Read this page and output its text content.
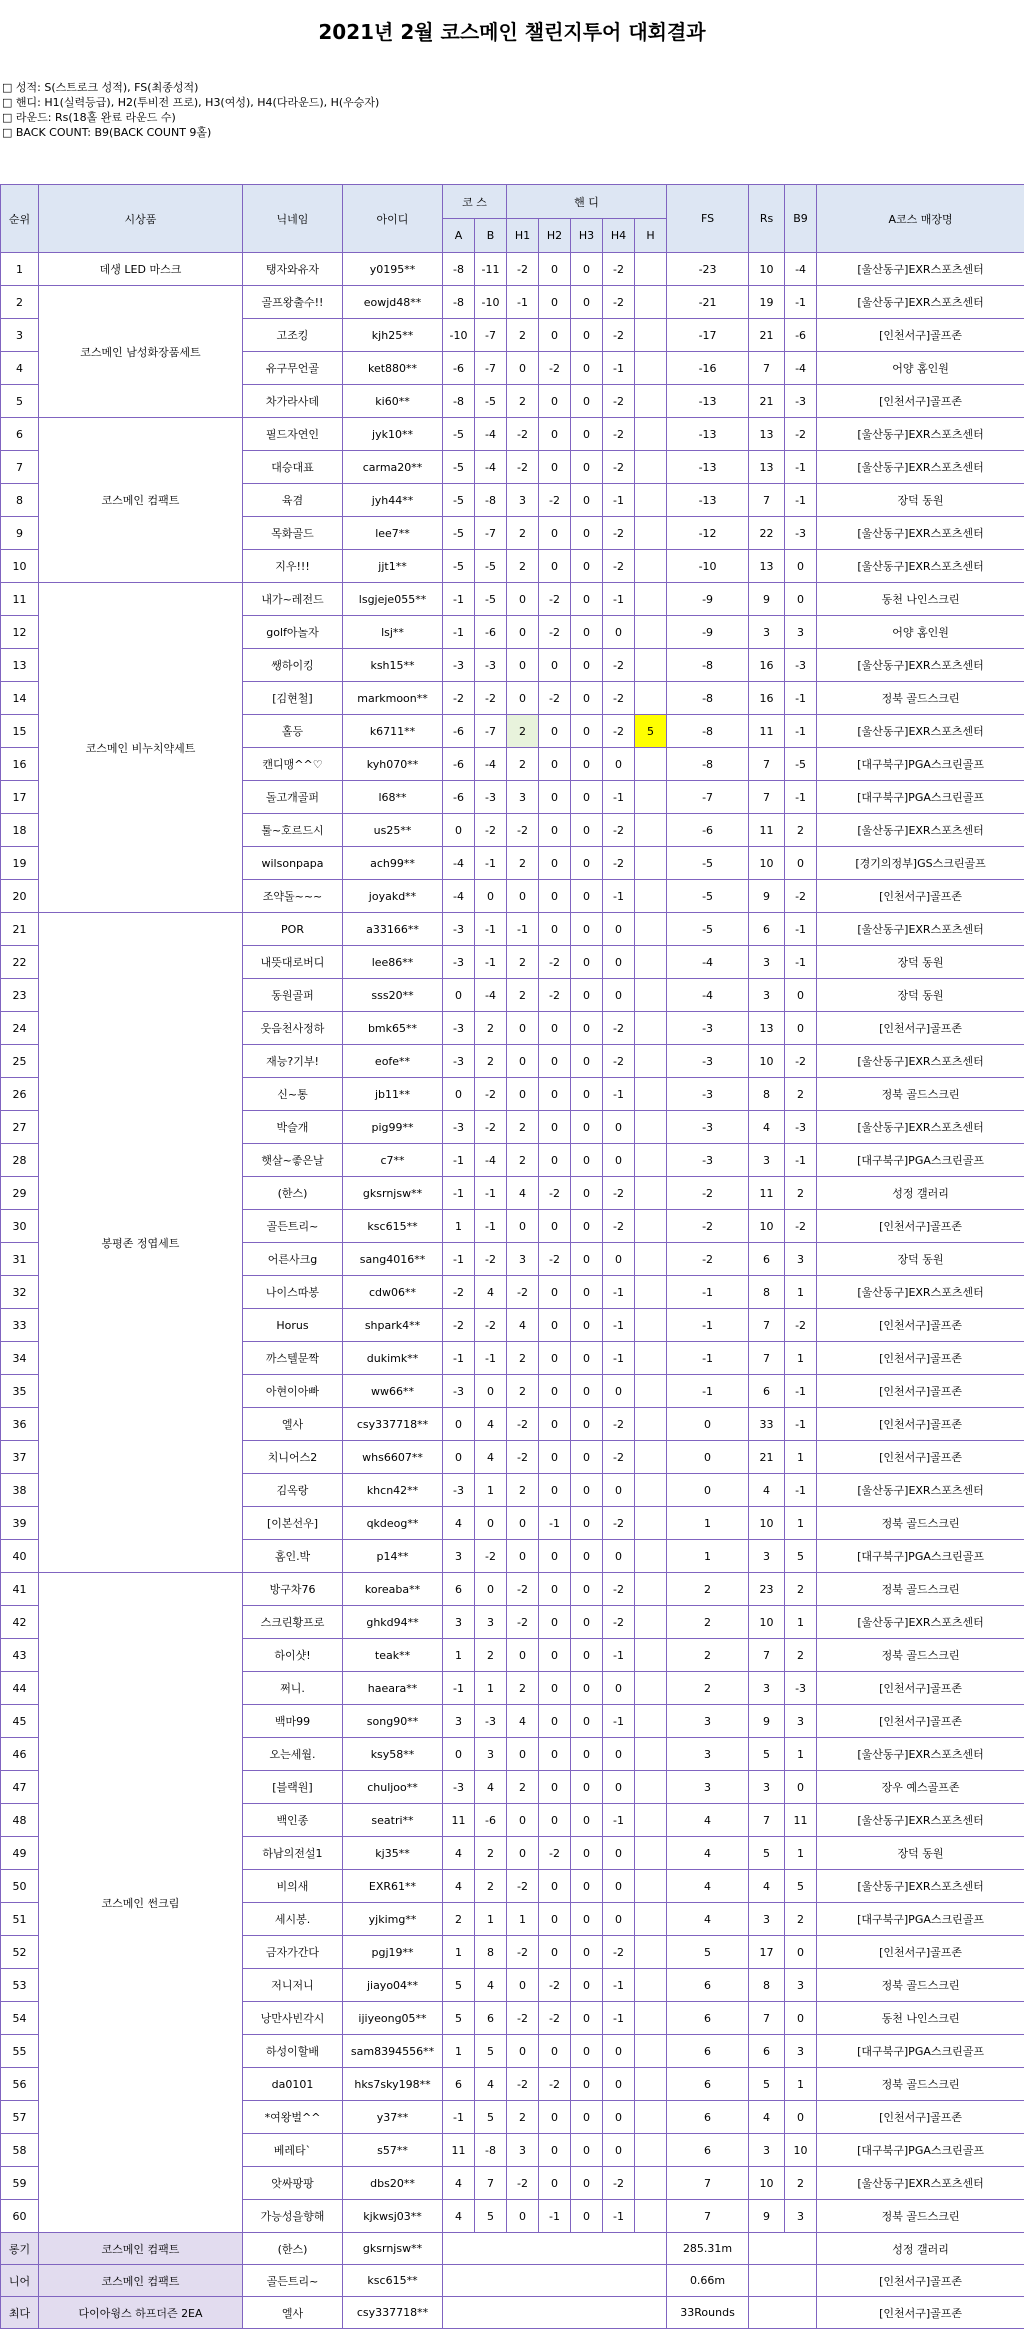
2021년 2월 코스메인 챌린지투어 대회결과
□ 성적: S(스트로크 성적), FS(최종성적)
□ 핸디: H1(실력등급), H2(투비전 프로), H3(여성), H4(다라운드), H(우승자)
□ 라운드: Rs(18홀 완료 라운드 수)
□ BACK COUNT: B9(BACK COUNT 9홀)
순위	시상품	닉네임	아이디	코 스		핸 디					FS	Rs	B9	A코스 매장명
				A	B	H1	H2	H3	H4	H				
1	데생 LED 마스크	탱자와유자	y0195**	-8	-11	-2	0	0	-2		-23	10	-4	[울산동구]EXR스포츠센터
2	코스메인 남성화장품세트	골프왕출수!!	eowjd48**	-8	-10	-1	0	0	-2		-21	19	-1	[울산동구]EXR스포츠센터
3		고조킹	kjh25**	-10	-7	2	0	0	-2		-17	21	-6	[인천서구]골프존
4		유구무언골	ket880**	-6	-7	0	-2	0	-1		-16	7	-4	어양 홈인원
5		차가라사데	ki60**	-8	-5	2	0	0	-2		-13	21	-3	[인천서구]골프존
6	코스메인 컴팩트	필드자연인	jyk10**	-5	-4	-2	0	0	-2		-13	13	-2	[울산동구]EXR스포츠센터
7		대승대표	carma20**	-5	-4	-2	0	0	-2		-13	13	-1	[울산동구]EXR스포츠센터
8		육겸	jyh44**	-5	-8	3	-2	0	-1		-13	7	-1	장덕 동원
9		목화골드	lee7**	-5	-7	2	0	0	-2		-12	22	-3	[울산동구]EXR스포츠센터
10		지우!!!	jjt1**	-5	-5	2	0	0	-2		-10	13	0	[울산동구]EXR스포츠센터
11	코스메인 비누치약세트	내가~레전드	lsgjeje055**	-1	-5	0	-2	0	-1		-9	9	0	동천 나인스크린
12		golf아놀자	lsj**	-1	-6	0	-2	0	0		-9	3	3	어양 홈인원
13		쌩하이킹	ksh15**	-3	-3	0	0	0	-2		-8	16	-3	[울산동구]EXR스포츠센터
14		[김현철]	markmoon**	-2	-2	0	-2	0	-2		-8	16	-1	정북 골드스크린
15		홀등	k6711**	-6	-7	2	0	0	-2	5	-8	11	-1	[울산동구]EXR스포츠센터
16		캔디맹^^♡	kyh070**	-6	-4	2	0	0	0		-8	7	-5	[대구북구]PGA스크린골프
17		돌고개골퍼	l68**	-6	-3	3	0	0	-1		-7	7	-1	[대구북구]PGA스크린골프
18		툴~호르드시	us25**	0	-2	-2	0	0	-2		-6	11	2	[울산동구]EXR스포츠센터
19		wilsonpapa	ach99**	-4	-1	2	0	0	-2		-5	10	0	[경기의정부]GS스크린골프
20		조약돌~~~	joyakd**	-4	0	0	0	0	-1		-5	9	-2	[인천서구]골프존
21	봉평존 정엽세트	POR	a33166**	-3	-1	-1	0	0	0		-5	6	-1	[울산동구]EXR스포츠센터
22		내뜻대로버디	lee86**	-3	-1	2	-2	0	0		-4	3	-1	장덕 동원
23		동원골퍼	sss20**	0	-4	2	-2	0	0		-4	3	0	장덕 동원
24		웃음천사정하	bmk65**	-3	2	0	0	0	-2		-3	13	0	[인천서구]골프존
25		재능?기부!	eofe**	-3	2	0	0	0	-2		-3	10	-2	[울산동구]EXR스포츠센터
26		신~통	jb11**	0	-2	0	0	0	-1		-3	8	2	정북 골드스크린
27		박슬개	pig99**	-3	-2	2	0	0	0		-3	4	-3	[울산동구]EXR스포츠센터
28		햇살~좋은날	c7**	-1	-4	2	0	0	0		-3	3	-1	[대구북구]PGA스크린골프
29		(한스)	gksrnjsw**	-1	-1	4	-2	0	-2		-2	11	2	성정 갤러리
30		골든트리~	ksc615**	1	-1	0	0	0	-2		-2	10	-2	[인천서구]골프존
31		어른사크g	sang4016**	-1	-2	3	-2	0	0		-2	6	3	장덕 동원
32		나이스따봉	cdw06**	-2	4	-2	0	0	-1		-1	8	1	[울산동구]EXR스포츠센터
33		Horus	shpark4**	-2	-2	4	0	0	-1		-1	7	-2	[인천서구]골프존
34		까스텔문짝	dukimk**	-1	-1	2	0	0	-1		-1	7	1	[인천서구]골프존
35		아현이아빠	ww66**	-3	0	2	0	0	0		-1	6	-1	[인천서구]골프존
36		엘사	csy337718**	0	4	-2	0	0	-2		0	33	-1	[인천서구]골프존
37		치니어스2	whs6607**	0	4	-2	0	0	-2		0	21	1	[인천서구]골프존
38		김옥랑	khcn42**	-3	1	2	0	0	0		0	4	-1	[울산동구]EXR스포츠센터
39		[이본선우]	qkdeog**	4	0	0	-1	0	-2		1	10	1	정북 골드스크린
40		홈인.박	p14**	3	-2	0	0	0	0		1	3	5	[대구북구]PGA스크린골프
41	코스메인 썬크림	방구차76	koreaba**	6	0	-2	0	0	-2		2	23	2	정북 골드스크린
42		스크린황프로	ghkd94**	3	3	-2	0	0	-2		2	10	1	[울산동구]EXR스포츠센터
43		하이샷!	teak**	1	2	0	0	0	-1		2	7	2	정북 골드스크린
44		쩌니.	haeara**	-1	1	2	0	0	0		2	3	-3	[인천서구]골프존
45		백마99	song90**	3	-3	4	0	0	-1		3	9	3	[인천서구]골프존
46		오는세월.	ksy58**	0	3	0	0	0	0		3	5	1	[울산동구]EXR스포츠센터
47		[블랙원]	chuljoo**	-3	4	2	0	0	0		3	3	0	장우 예스골프존
48		백인종	seatri**	11	-6	0	0	0	-1		4	7	11	[울산동구]EXR스포츠센터
49		하남의전설1	kj35**	4	2	0	-2	0	0		4	5	1	장덕 동원
50		비의새	EXR61**	4	2	-2	0	0	0		4	4	5	[울산동구]EXR스포츠센터
51		세시봉.	yjkimg**	2	1	1	0	0	0		4	3	2	[대구북구]PGA스크린골프
52		금자가간다	pgj19**	1	8	-2	0	0	-2		5	17	0	[인천서구]골프존
53		저니저니	jiayo04**	5	4	0	-2	0	-1		6	8	3	정북 골드스크린
54		낭만사빈각시	ijiyeong05**	5	6	-2	-2	0	-1		6	7	0	동천 나인스크린
55		하성이할배	sam8394556**	1	5	0	0	0	0		6	6	3	[대구북구]PGA스크린골프
56		da0101	hks7sky198**	6	4	-2	-2	0	0		6	5	1	정북 골드스크린
57		*여왕벌^^	y37**	-1	5	2	0	0	0		6	4	0	[인천서구]골프존
58		베레타`	s57**	11	-8	3	0	0	0		6	3	10	[대구북구]PGA스크린골프
59		앗싸팡팡	dbs20**	4	7	-2	0	0	-2		7	10	2	[울산동구]EXR스포츠센터
60		가능성을향해	kjkwsj03**	4	5	0	-1	0	-1		7	9	3	정북 골드스크린
롱기	코스메인 컴팩트	(한스)	gksrnjsw**								285.31m			성정 갤러리
니어	코스메인 컴팩트	골든트리~	ksc615**								0.66m			[인천서구]골프존
최다	다이아윙스 하프더즌 2EA	엘사	csy337718**								33Rounds			[인천서구]골프존
